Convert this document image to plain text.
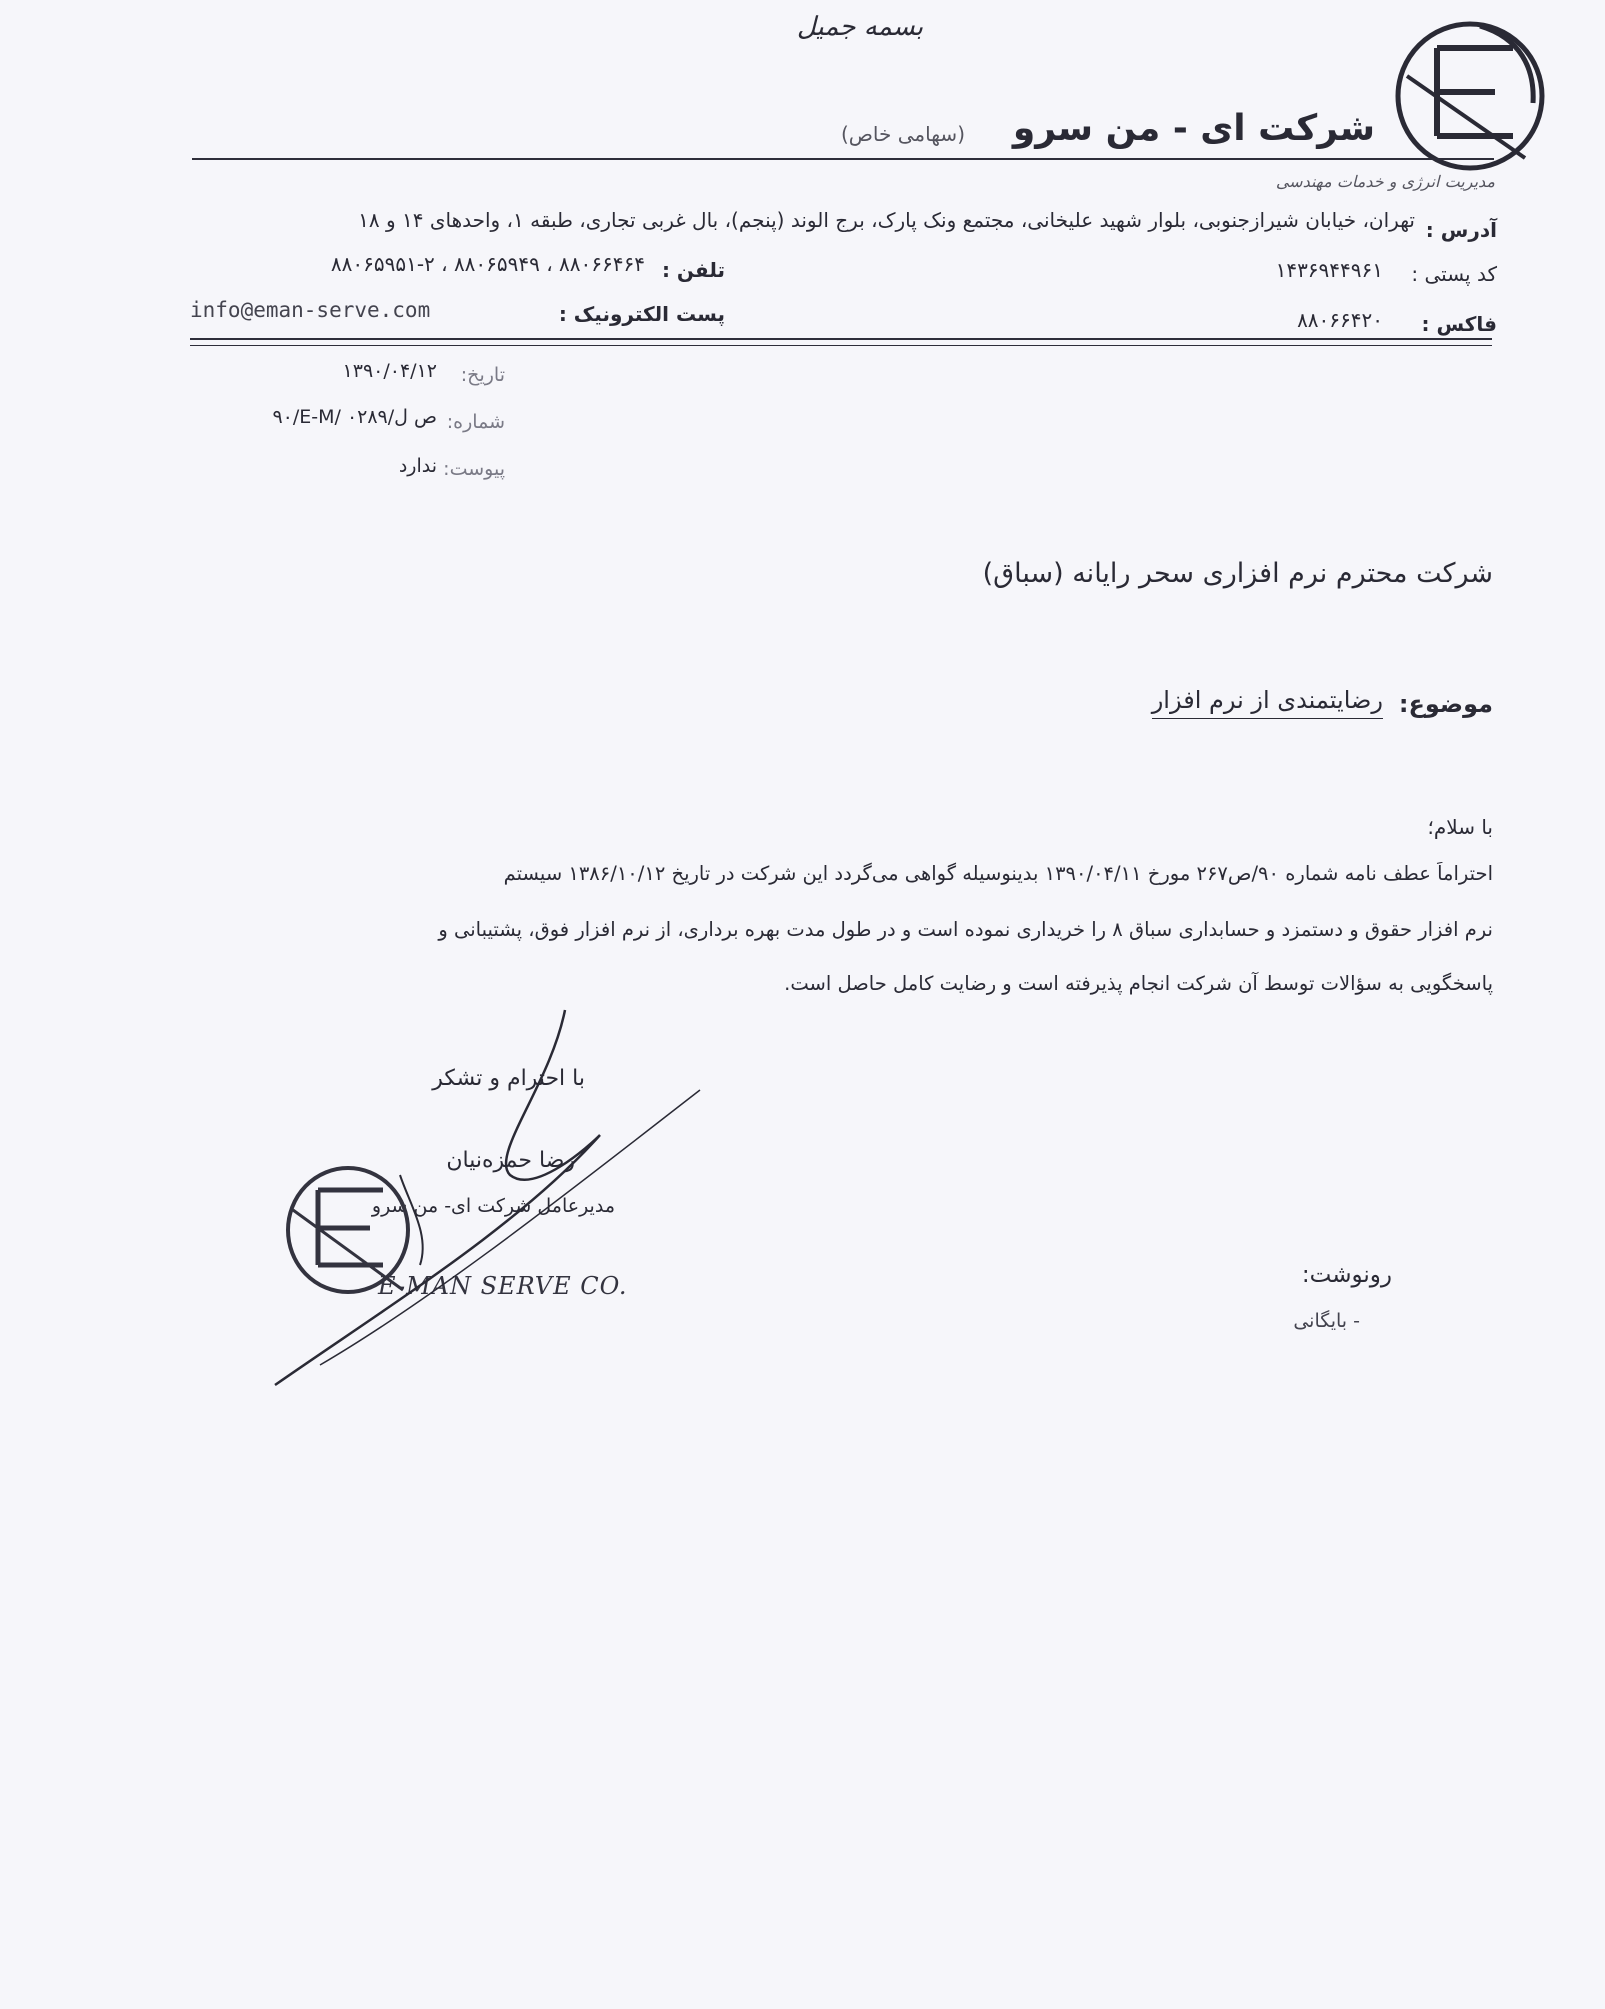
بسمه جمیل
شرکت ای - من سرو
(سهامی خاص)
مدیریت انرژی و خدمات مهندسی
آدرس :
تهران، خیابان شیرازجنوبی، بلوار شهید علیخانی، مجتمع ونک پارک، برج الوند (پنجم)، بال غربی تجاری، طبقه ۱، واحدهای ۱۴ و ۱۸
کد پستی :
۱۴۳۶۹۴۴۹۶۱
تلفن :
۸۸۰۶۵۹۵۱-۲ ، ۸۸۰۶۵۹۴۹ ، ۸۸۰۶۶۴۶۴
فاکس :
۸۸۰۶۶۴۲۰
پست الکترونیک :
info@eman-serve.com
تاریخ:
۱۳۹۰/۰۴/۱۲
شماره:
۹۰/E-M/ ۰۲۸۹/ص ل
پیوست:
ندارد
شرکت محترم نرم افزاری سحر رایانه (سباق)
موضوع:
رضایتمندی از نرم افزار
با سلام؛
احتراماً عطف نامه شماره ۹۰/ص۲۶۷ مورخ ۱۳۹۰/۰۴/۱۱ بدینوسیله گواهی می‌گردد این شرکت در تاریخ ۱۳۸۶/۱۰/۱۲ سیستم
نرم افزار حقوق و دستمزد و حسابداری سباق ۸ را خریداری نموده است و در طول مدت بهره برداری، از نرم افزار فوق، پشتیبانی و
پاسخگویی به سؤالات توسط آن شرکت انجام پذیرفته است و رضایت کامل حاصل است.
با احترام و تشکر
رضا حمزه‌نیان
مدیرعامل شرکت ای- من سرو
E-MAN SERVE CO.	رونوشت:
- بایگانی
